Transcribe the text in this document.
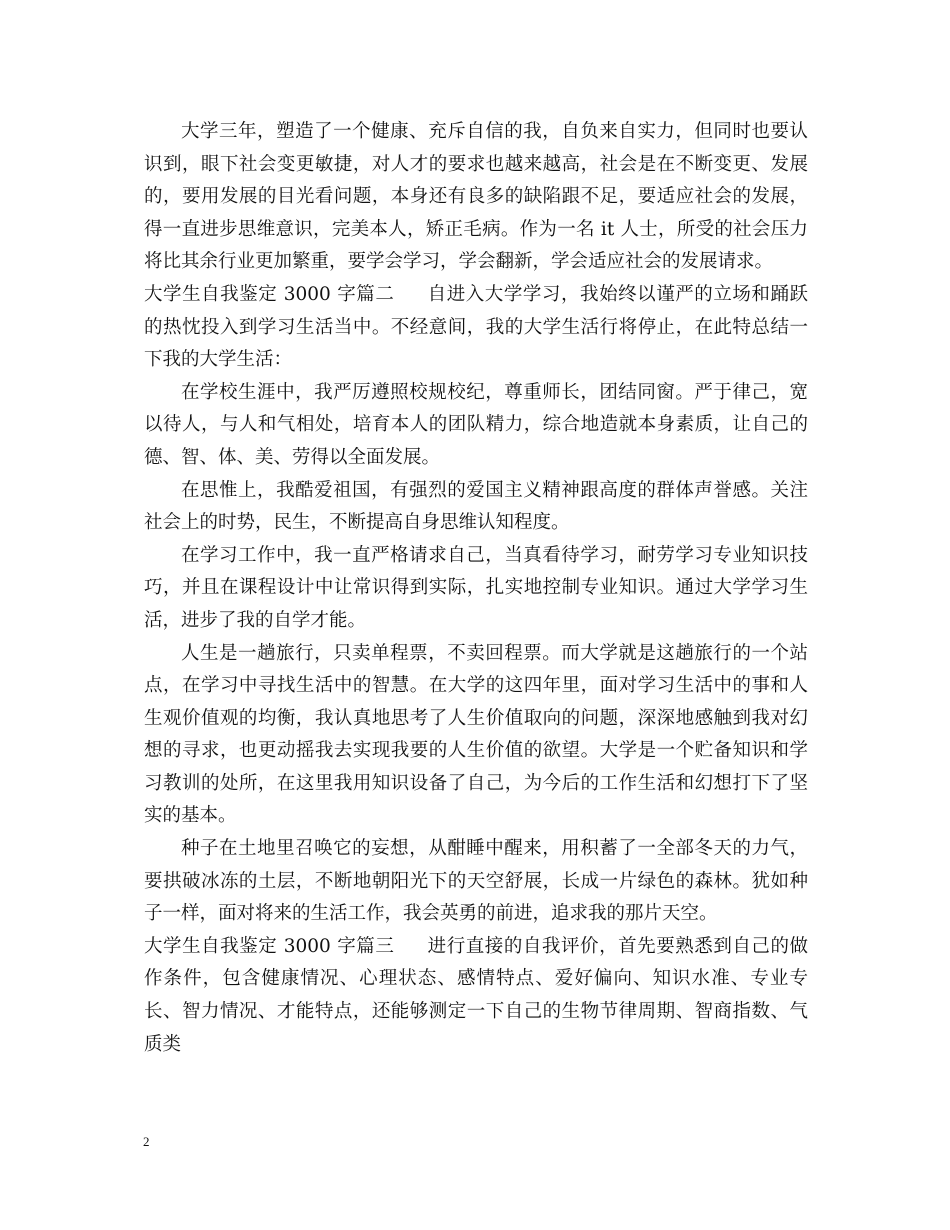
大学三年，塑造了一个健康、充斥自信的我，自负来自实力，但同时也要认识到，眼下社会变更敏捷，对人才的要求也越来越高，社会是在不断变更、发展的，要用发展的目光看问题，本身还有良多的缺陷跟不足，要适应社会的发展，得一直进步思维意识，完美本人，矫正毛病。作为一名 it 人士，所受的社会压力将比其余行业更加繁重，要学会学习，学会翻新，学会适应社会的发展请求。

大学生自我鉴定 3000 字篇二 自进入大学学习，我始终以谨严的立场和踊跃的热忱投入到学习生活当中。不经意间，我的大学生活行将停止，在此特总结一下我的大学生活：

在学校生涯中，我严厉遵照校规校纪，尊重师长，团结同窗。严于律己，宽以待人，与人和气相处，培育本人的团队精力，综合地造就本身素质，让自己的德、智、体、美、劳得以全面发展。

在思惟上，我酷爱祖国，有强烈的爱国主义精神跟高度的群体声誉感。关注社会上的时势，民生，不断提高自身思维认知程度。

在学习工作中，我一直严格请求自己，当真看待学习，耐劳学习专业知识技巧，并且在课程设计中让常识得到实际，扎实地控制专业知识。通过大学学习生活，进步了我的自学才能。

人生是一趟旅行，只卖单程票，不卖回程票。而大学就是这趟旅行的一个站点，在学习中寻找生活中的智慧。在大学的这四年里，面对学习生活中的事和人生观价值观的均衡，我认真地思考了人生价值取向的问题，深深地感触到我对幻想的寻求，也更动摇我去实现我要的人生价值的欲望。大学是一个贮备知识和学习教训的处所，在这里我用知识设备了自己，为今后的工作生活和幻想打下了坚实的基本。

种子在土地里召唤它的妄想，从酣睡中醒来，用积蓄了一全部冬天的力气，要拱破冰冻的土层，不断地朝阳光下的天空舒展，长成一片绿色的森林。犹如种子一样，面对将来的生活工作，我会英勇的前进，追求我的那片天空。

大学生自我鉴定 3000 字篇三 进行直接的自我评价，首先要熟悉到自己的做作条件，包含健康情况、心理状态、感情特点、爱好偏向、知识水准、专业专长、智力情况、才能特点，还能够测定一下自己的生物节律周期、智商指数、气质类

2
